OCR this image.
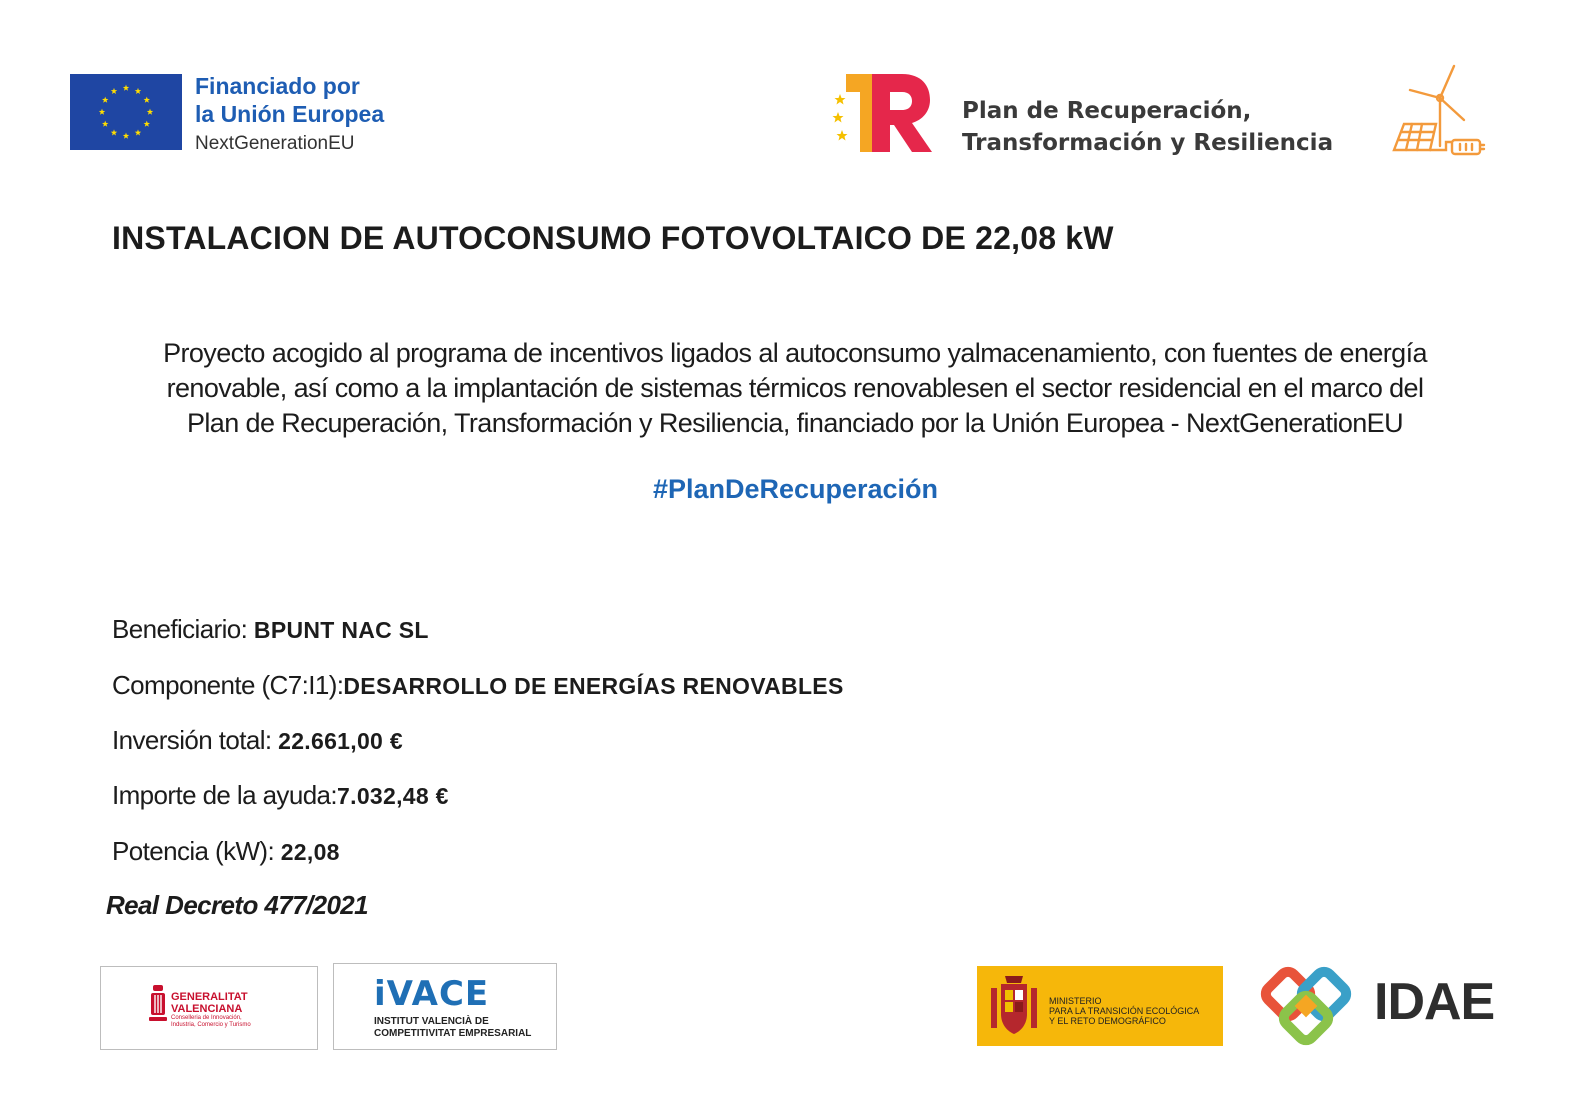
Financiado por
la Unión Europea
NextGenerationEU
Plan de Recuperación,
Transformación y Resiliencia
INSTALACION DE AUTOCONSUMO FOTOVOLTAICO DE 22,08 kW
Proyecto acogido al programa de incentivos ligados al autoconsumo yalmacenamiento, con fuentes de energía
renovable, así como a la implantación de sistemas térmicos renovablesen el sector residencial en el marco del
Plan de Recuperación, Transformación y Resiliencia, financiado por la Unión Europea - NextGenerationEU
#PlanDeRecuperación
Beneficiario: BPUNT NAC SL
Componente (C7:I1):DESARROLLO DE ENERGÍAS RENOVABLES
Inversión total: 22.661,00 €
Importe de la ayuda:7.032,48 €
Potencia (kW): 22,08
Real Decreto 477/2021
GENERALITAT
VALENCIANA
Conselleria de Innovación,
Industria, Comercio y Turismo
iVACE
INSTITUT VALENCIÀ DE
COMPETITIVITAT EMPRESARIAL
MINISTERIO
PARA LA TRANSICIÓN ECOLÓGICA
Y EL RETO DEMOGRÁFICO	IDAE
